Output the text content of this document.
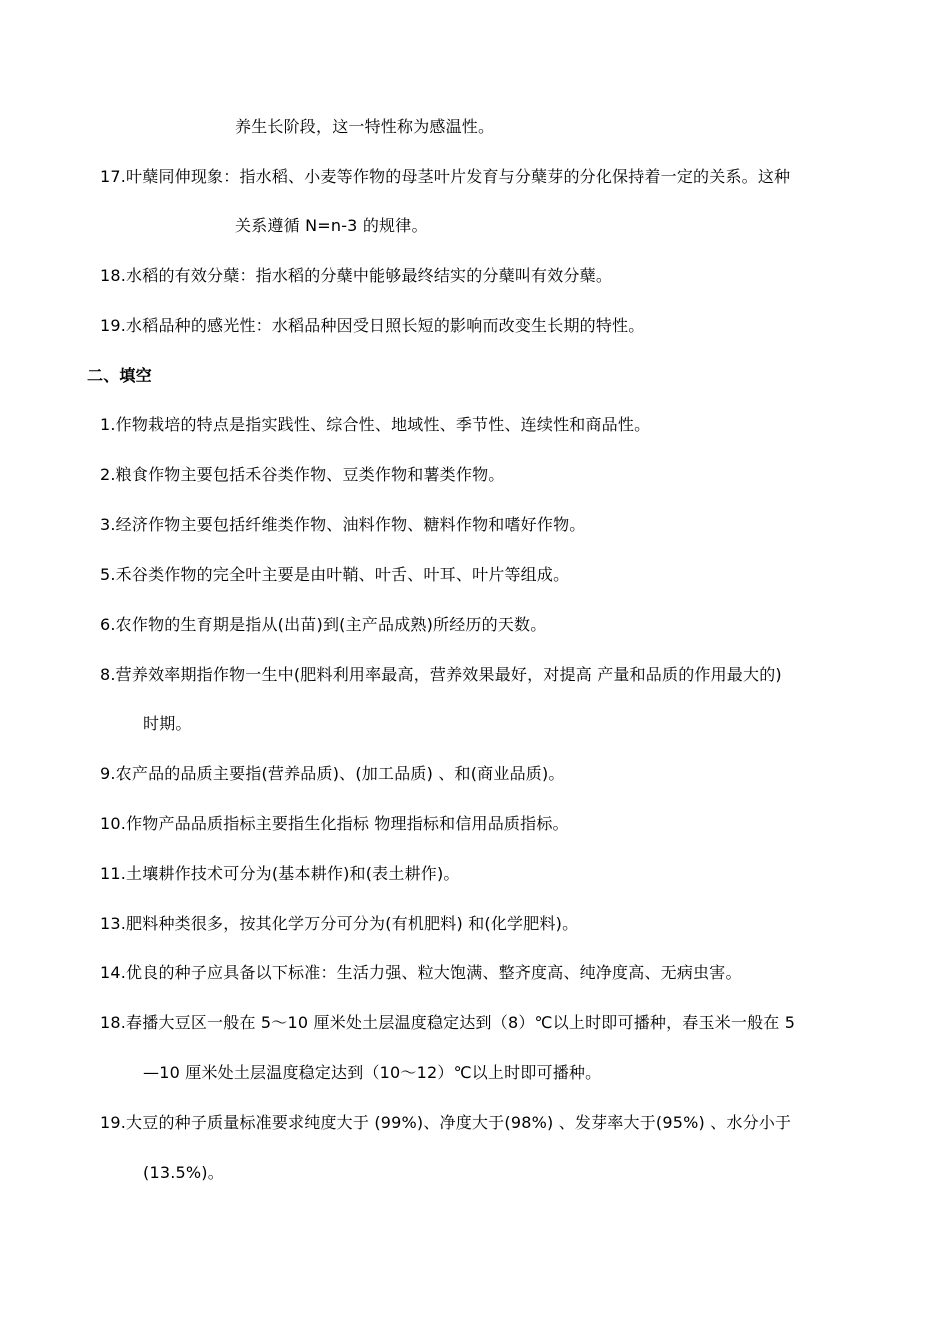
养生长阶段，这一特性称为感温性。
17.叶蘖同伸现象：指水稻、小麦等作物的母茎叶片发育与分蘖芽的分化保持着一定的关系。这种
关系遵循 N=n-3 的规律。
18.水稻的有效分蘖：指水稻的分蘖中能够最终结实的分蘖叫有效分蘖。
19.水稻品种的感光性：水稻品种因受日照长短的影响而改变生长期的特性。
二、填空
1.作物栽培的特点是指实践性、综合性、地域性、季节性、连续性和商品性。
2.粮食作物主要包括禾谷类作物、豆类作物和薯类作物。
3.经济作物主要包括纤维类作物、油料作物、糖料作物和嗜好作物。
5.禾谷类作物的完全叶主要是由叶鞘、叶舌、叶耳、叶片等组成。
6.农作物的生育期是指从(出苗)到(主产品成熟)所经历的天数。
8.营养效率期指作物一生中(肥料利用率最高，营养效果最好，对提高 产量和品质的作用最大的)
时期。
9.农产品的品质主要指(营养品质)、(加工品质) 、和(商业品质)。
10.作物产品品质指标主要指生化指标 物理指标和信用品质指标。
11.土壤耕作技术可分为(基本耕作)和(表土耕作)。
13.肥料种类很多，按其化学万分可分为(有机肥料) 和(化学肥料)。
14.优良的种子应具备以下标准：生活力强、粒大饱满、整齐度高、纯净度高、无病虫害。
18.春播大豆区一般在 5～10 厘米处土层温度稳定达到（8）℃以上时即可播种，春玉米一般在 5
—10 厘米处土层温度稳定达到（10～12）℃以上时即可播种。
19.大豆的种子质量标准要求纯度大于 (99%)、净度大于(98%) 、发芽率大于(95%) 、水分小于
(13.5%)。
